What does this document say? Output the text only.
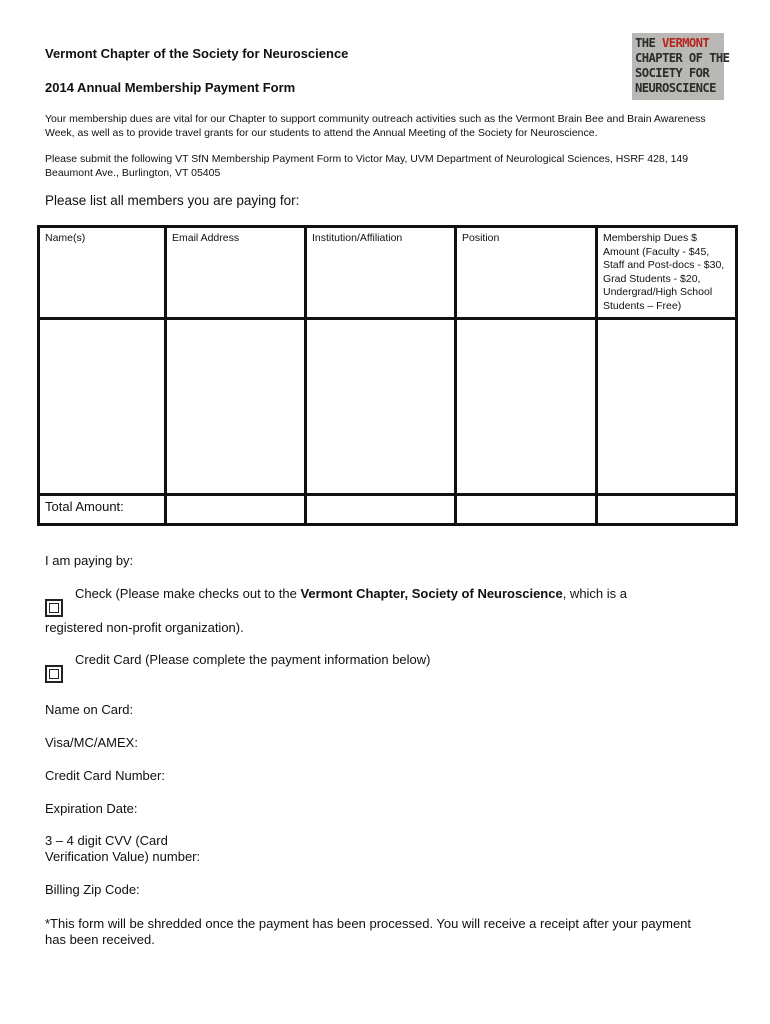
Vermont Chapter of the Society for Neuroscience
2014 Annual Membership Payment Form
THE VERMONT
CHAPTER OF THE
SOCIETY FOR
NEUROSCIENCE
Your membership dues are vital for our Chapter to support community outreach activities such as the Vermont Brain Bee and Brain Awareness Week, as well as to provide travel grants for our students to attend the Annual Meeting of the Society for Neuroscience.
Please submit the following VT SfN Membership Payment Form to Victor May, UVM Department of Neurological Sciences, HSRF 428, 149 Beaumont Ave., Burlington, VT 05405
Please list all members you are paying for:
Name(s)	Email Address	Institution/Affiliation	Position	Membership Dues $ Amount (Faculty - $45, Staff and Post-docs - $30, Grad Students - $20, Undergrad/High School Students – Free)

Total Amount:				
I am paying by:
Check (Please make checks out to the Vermont Chapter, Society of Neuroscience, which is a
registered non-profit organization).
Credit Card (Please complete the payment information below)
Name on Card:
Visa/MC/AMEX:
Credit Card Number:
Expiration Date:
3 – 4 digit CVV (Card Verification Value) number:
Billing Zip Code:
*This form will be shredded once the payment has been processed. You will receive a receipt after your payment has been received.
